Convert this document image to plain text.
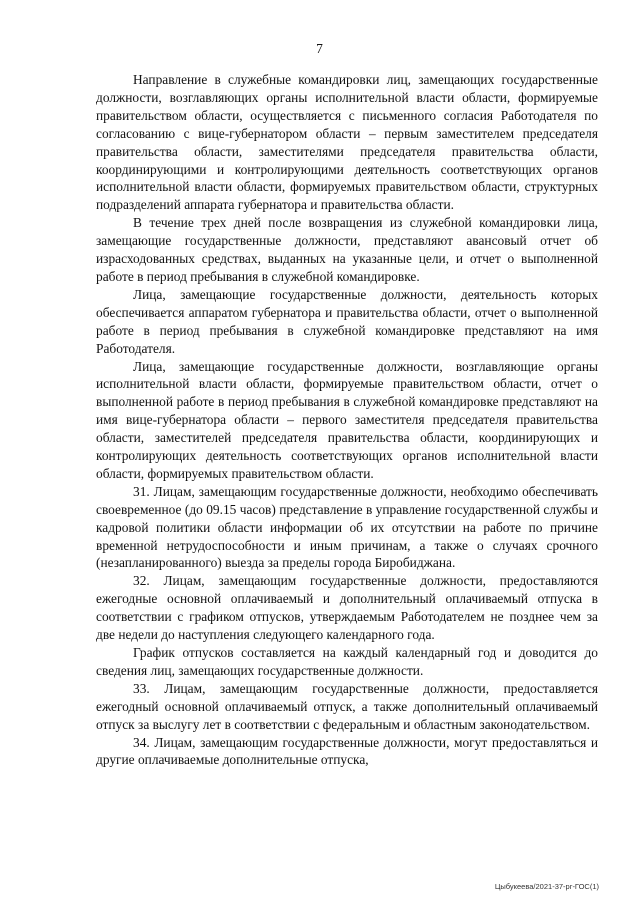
7

Направление в служебные командировки лиц, замещающих государственные должности, возглавляющих органы исполнительной власти области, формируемые правительством области, осуществляется с письменного согласия Работодателя по согласованию с вице-губернатором области – первым заместителем председателя правительства области, заместителями председателя правительства области, координирующими и контролирующими деятельность соответствующих органов исполнительной власти области, формируемых правительством области, структурных подразделений аппарата губернатора и правительства области.

В течение трех дней после возвращения из служебной командировки лица, замещающие государственные должности, представляют авансовый отчет об израсходованных средствах, выданных на указанные цели, и отчет о выполненной работе в период пребывания в служебной командировке.

Лица, замещающие государственные должности, деятельность которых обеспечивается аппаратом губернатора и правительства области, отчет о выполненной работе в период пребывания в служебной командировке представляют на имя Работодателя.

Лица, замещающие государственные должности, возглавляющие органы исполнительной власти области, формируемые правительством области, отчет о выполненной работе в период пребывания в служебной командировке представляют на имя вице-губернатора области – первого заместителя председателя правительства области, заместителей председателя правительства области, координирующих и контролирующих деятельность соответствующих органов исполнительной власти области, формируемых правительством области.

31. Лицам, замещающим государственные должности, необходимо обеспечивать своевременное (до 09.15 часов) представление в управление государственной службы и кадровой политики области информации об их отсутствии на работе по причине временной нетрудоспособности и иным причинам, а также о случаях срочного (незапланированного) выезда за пределы города Биробиджана.

32. Лицам, замещающим государственные должности, предоставляются ежегодные основной оплачиваемый и дополнительный оплачиваемый отпуска в соответствии с графиком отпусков, утверждаемым Работодателем не позднее чем за две недели до наступления следующего календарного года.

График отпусков составляется на каждый календарный год и доводится до сведения лиц, замещающих государственные должности.

33. Лицам, замещающим государственные должности, предоставляется ежегодный основной оплачиваемый отпуск, а также дополнительный оплачиваемый отпуск за выслугу лет в соответствии с федеральным и областным законодательством.

34. Лицам, замещающим государственные должности, могут предоставляться и другие оплачиваемые дополнительные отпуска,

Цыбукеева/2021-37-рг-ГОС(1)
